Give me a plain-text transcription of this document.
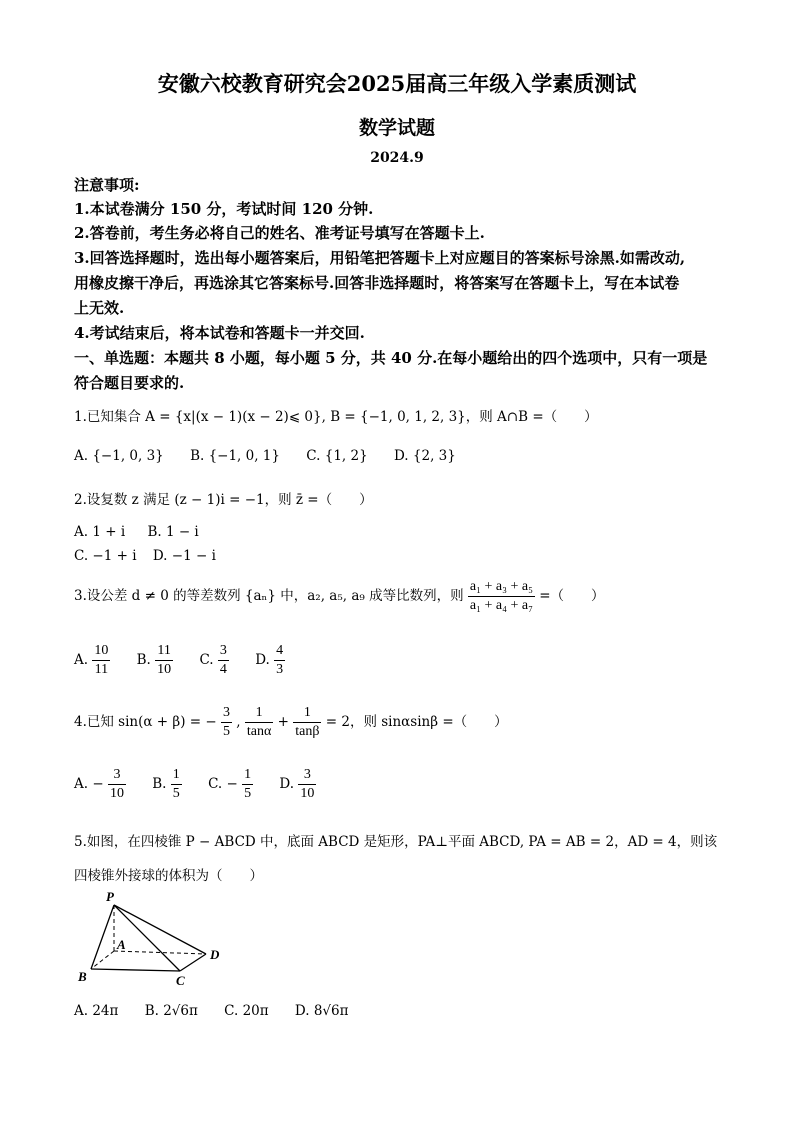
安徽六校教育研究会2025届高三年级入学素质测试
数学试题
2024.9
注意事项:
1.本试卷满分 150 分，考试时间 120 分钟.
2.答卷前，考生务必将自己的姓名、准考证号填写在答题卡上.
3.回答选择题时，选出每小题答案后，用铅笔把答题卡上对应题目的答案标号涂黑.如需改动,
用橡皮擦干净后，再选涂其它答案标号.回答非选择题时，将答案写在答题卡上，写在本试卷
上无效.
4.考试结束后，将本试卷和答题卡一并交回.
一、单选题：本题共 8 小题，每小题 5 分，共 40 分.在每小题给出的四个选项中，只有一项是
符合题目要求的.
1.已知集合 A = {x|(x − 1)(x − 2)⩽ 0}, B = {−1, 0, 1, 2, 3}，则 A∩B =（　　）
A. {−1, 0, 3} B. {−1, 0, 1} C. {1, 2} D. {2, 3}
2.设复数 z 满足 (z − 1)i = −1，则 z̄ =（　　）
A. 1 + i B. 1 − i
C. −1 + i D. −1 − i
3.设公差 d ≠ 0 的等差数列 {aₙ} 中，a₂, a₅, a₉ 成等比数列，则 $\frac{\text{a₁ + a₃ + a₅}}{\text{a₁ + a₄ + a₇}}$ =（　　）
A. $\frac{10}{11} B$. $\frac{11}{10} C$. $\frac{3}{4} D$. $\frac{4}{3}$
4.已知 sin(α + β) = − $\frac{3}{5}$ , $\frac{1}{\tan\alpha} + \frac{1}{\tan\beta} = 2$，则 sinαsinβ =（　　）
A. − $\frac{3}{10} B$. $\frac{1}{5} C$. − $\frac{1}{5} D$. $\frac{3}{10}$
5.如图，在四棱锥 P − ABCD 中，底面 ABCD 是矩形，PA⊥平面 ABCD, PA = AB = 2，AD = 4，则该
四棱锥外接球的体积为（　　）
P
A
B	C
D
A. 24π B. 2√6π C. 20π D. 8√6π
